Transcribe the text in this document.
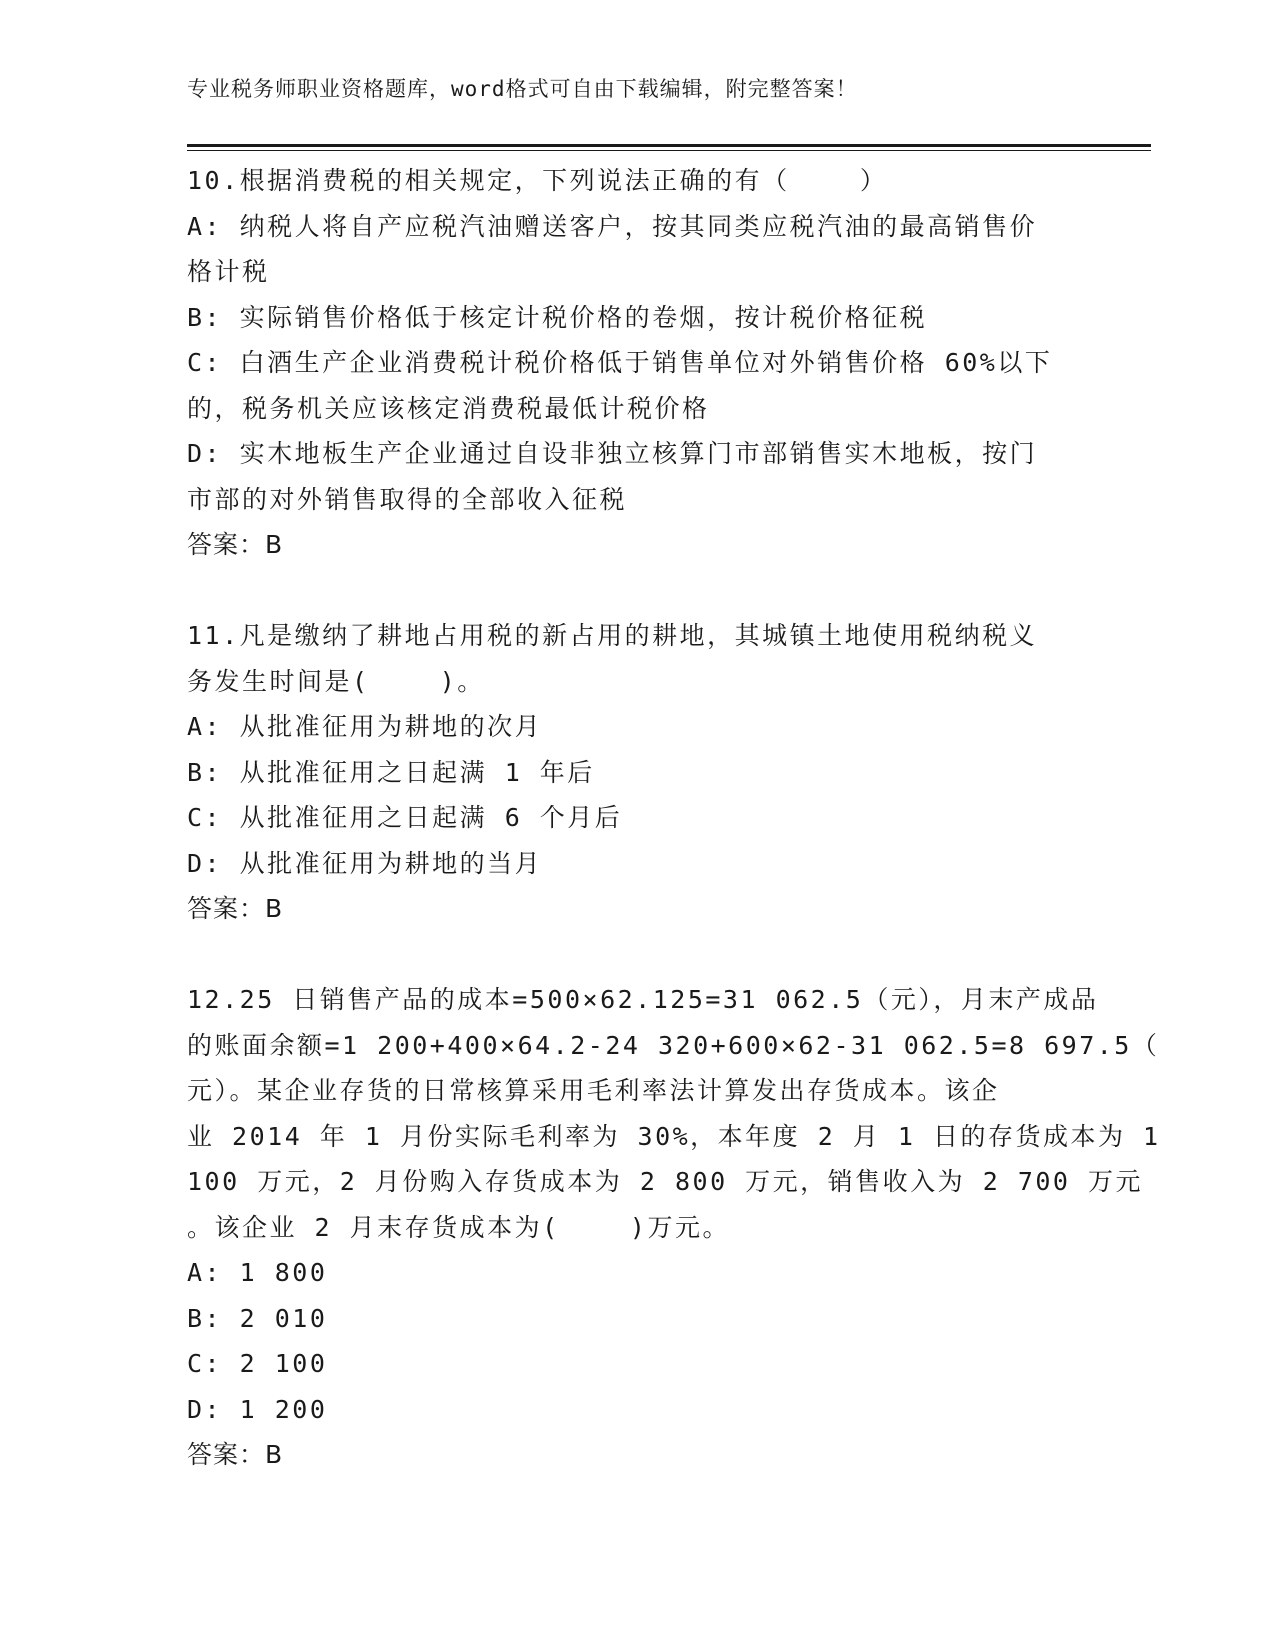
专业税务师职业资格题库，word格式可自由下载编辑，附完整答案！

10.根据消费税的相关规定，下列说法正确的有（    ）

A: 纳税人将自产应税汽油赠送客户，按其同类应税汽油的最高销售价

格计税

B: 实际销售价格低于核定计税价格的卷烟，按计税价格征税

C: 白酒生产企业消费税计税价格低于销售单位对外销售价格 60%以下

的，税务机关应该核定消费税最低计税价格

D: 实木地板生产企业通过自设非独立核算门市部销售实木地板，按门

市部的对外销售取得的全部收入征税

答案：B

11.凡是缴纳了耕地占用税的新占用的耕地，其城镇土地使用税纳税义

务发生时间是(    )。

A: 从批准征用为耕地的次月

B: 从批准征用之日起满 1 年后

C: 从批准征用之日起满 6 个月后

D: 从批准征用为耕地的当月

答案：B

12.25 日销售产品的成本=500×62.125=31 062.5（元），月末产成品

的账面余额=1 200+400×64.2-24 320+600×62-31 062.5=8 697.5（

元）。某企业存货的日常核算采用毛利率法计算发出存货成本。该企

业 2014 年 1 月份实际毛利率为 30%，本年度 2 月 1 日的存货成本为 1

100 万元，2 月份购入存货成本为 2 800 万元，销售收入为 2 700 万元

。该企业 2 月末存货成本为(    )万元。

A: 1 800

B: 2 010

C: 2 100

D: 1 200

答案：B
